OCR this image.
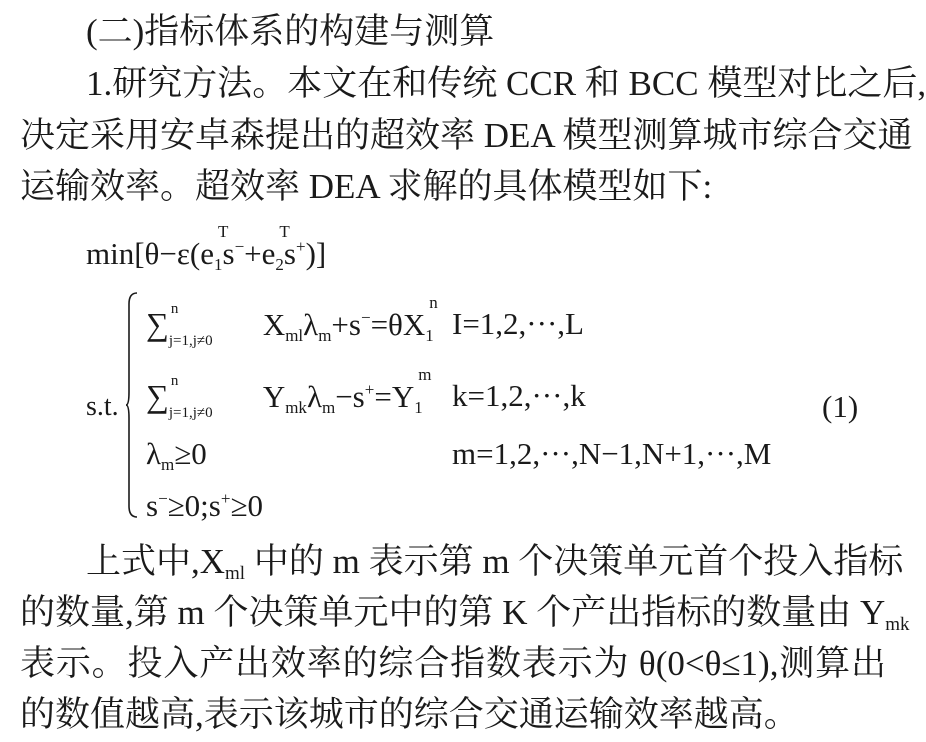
(二)指标体系的构建与测算
1.研究方法。本文在和传统 CCR 和 BCC 模型对比之后,
决定采用安卓森提出的超效率 DEA 模型测算城市综合交通
运输效率。超效率 DEA 求解的具体模型如下:
min[θ−ε(e
T
$_1$s−+e
T
$_2$s+)]
s.t.
∑ n
$_{j=1,j\ne 0}$ $X_{ml}\lambda_m+s^-=\theta X$
n
$_1$ I=1,2,···,L
∑ n
$_{j=1,j\ne 0}$ $Y_{mk}\lambda_m-s^+=Y$
m
$_1$ k=1,2,···,k	(1)
$\lambda_m\ge 0$	m=1,2,···,N−1,N+1,···,M
s−≥0;s+≥0
上式中$,X_{ml}$ 中的 m 表示第 m 个决策单元首个投入指标
的数量,第 m 个决策单元中的第 K 个产出指标的数量由 $Y_{mk}$
表示。投入产出效率的综合指数表示为 θ(0<θ≤1),测算出
的数值越高,表示该城市的综合交通运输效率越高。
